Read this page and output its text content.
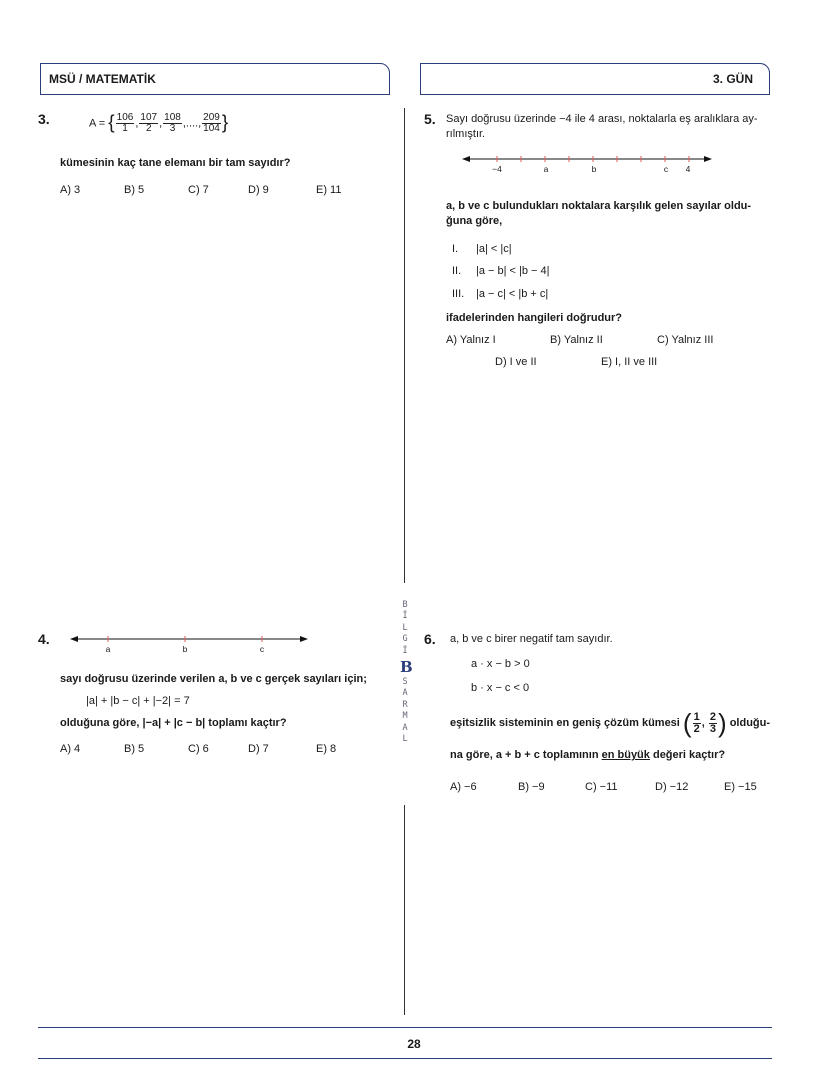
MSÜ / MATEMATİK	3. GÜN
3.	A = { $\frac{106}{1}$ , $\frac{107}{2}$ , $\frac{108}{3}$ ,...., $\frac{209}{104}$ }
kümesinin kaç tane elemanı bir tam sayıdır?
A) 3	B) 5	C) 7	D) 9	E) 11
5. Sayı doğrusu üzerinde −4 ile 4 arası, noktalarla eş aralıklara ay-
rılmıştır.
−4	a	b	c 4
a, b ve c bulundukları noktalara karşılık gelen sayılar oldu-
ğuna göre,
I. |a| < |c|
II. |a − b| < |b − 4|
III. |a − c| < |b + c|
ifadelerinden hangileri doğrudur?
A) Yalnız I	B) Yalnız II	C) Yalnız III
D) I ve II	E) I, II ve III
B
İ
L
G
İ
B
S
A
R
M
A
L
4.
a	b	c
sayı doğrusu üzerinde verilen a, b ve c gerçek sayıları için;
|a| + |b − c| + |−2| = 7
olduğuna göre, |−a| + |c − b| toplamı kaçtır?
A) 4	B) 5	C) 6	D) 7	E) 8
6. a, b ve c birer negatif tam sayıdır.
a · x − b > 0
b · x − c < 0
eşitsizlik sisteminin en geniş çözüm kümesi ( $\frac{1}{2}$ , $\frac{2}{3}$ ) olduğu-
na göre, a + b + c toplamının en büyük değeri kaçtır?
A) −6	B) −9	C) −11	D) −12	E) −15
28
